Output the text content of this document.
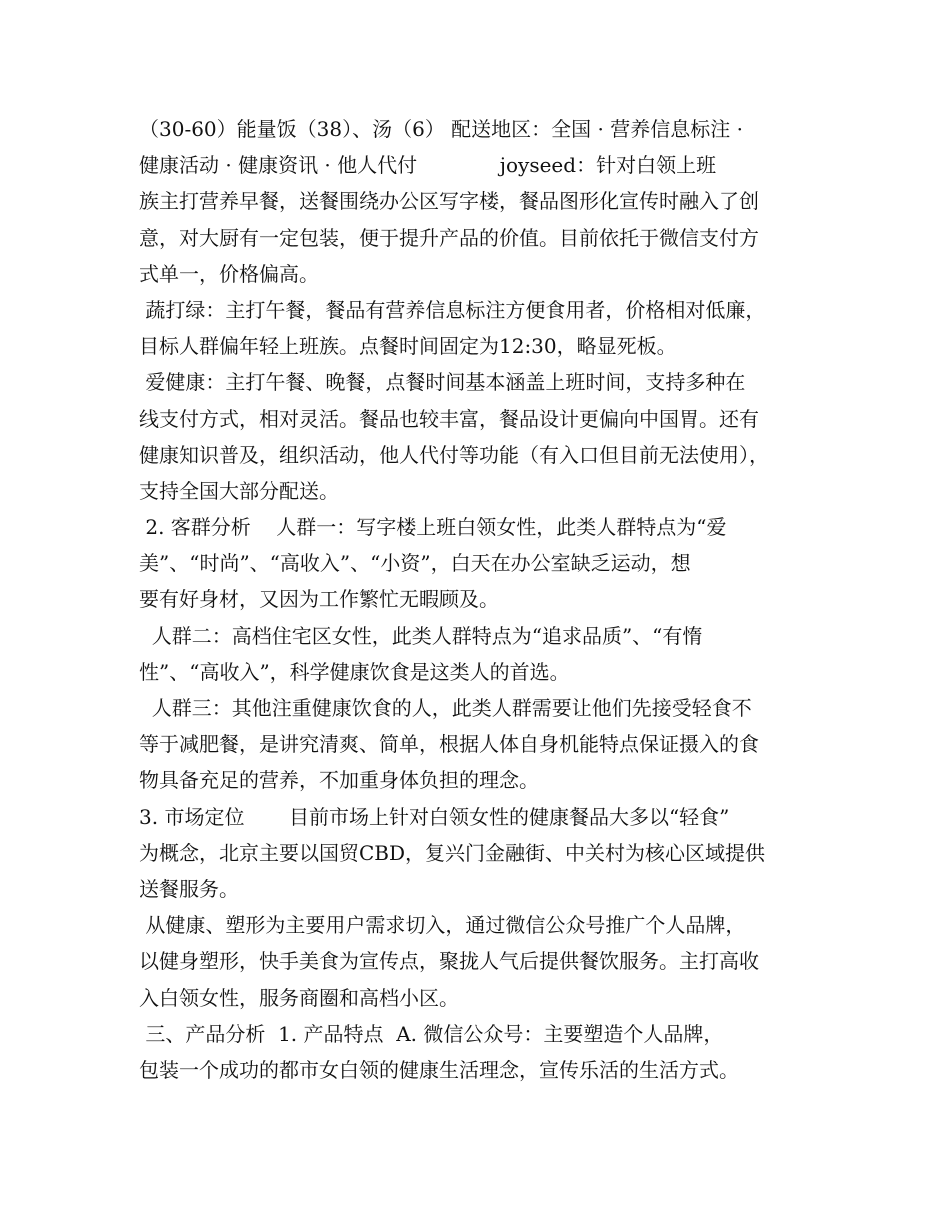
（30-60）能量饭（38）、汤（6） 配送地区：全国 · 营养信息标注 ·
健康活动 · 健康资讯 · 他人代付             joyseed：针对白领上班
族主打营养早餐，送餐围绕办公区写字楼，餐品图形化宣传时融入了创
意，对大厨有一定包装，便于提升产品的价值。目前依托于微信支付方
式单一，价格偏高。
蔬打绿：主打午餐，餐品有营养信息标注方便食用者，价格相对低廉，
目标人群偏年轻上班族。点餐时间固定为12:30，略显死板。
爱健康：主打午餐、晚餐，点餐时间基本涵盖上班时间，支持多种在
线支付方式，相对灵活。餐品也较丰富，餐品设计更偏向中国胃。还有
健康知识普及，组织活动，他人代付等功能（有入口但目前无法使用），
支持全国大部分配送。
2. 客群分析    人群一：写字楼上班白领女性，此类人群特点为“爱
美”、“时尚”、“高收入”、“小资”，白天在办公室缺乏运动，想
要有好身材，又因为工作繁忙无暇顾及。
人群二：高档住宅区女性，此类人群特点为“追求品质”、“有惰
性”、“高收入”，科学健康饮食是这类人的首选。
人群三：其他注重健康饮食的人，此类人群需要让他们先接受轻食不
等于减肥餐，是讲究清爽、简单，根据人体自身机能特点保证摄入的食
物具备充足的营养，不加重身体负担的理念。
3. 市场定位       目前市场上针对白领女性的健康餐品大多以“轻食”
为概念，北京主要以国贸CBD，复兴门金融街、中关村为核心区域提供
送餐服务。
从健康、塑形为主要用户需求切入，通过微信公众号推广个人品牌，
以健身塑形，快手美食为宣传点，聚拢人气后提供餐饮服务。主打高收
入白领女性，服务商圈和高档小区。
三、产品分析  1. 产品特点  A. 微信公众号：主要塑造个人品牌，
包装一个成功的都市女白领的健康生活理念，宣传乐活的生活方式。
